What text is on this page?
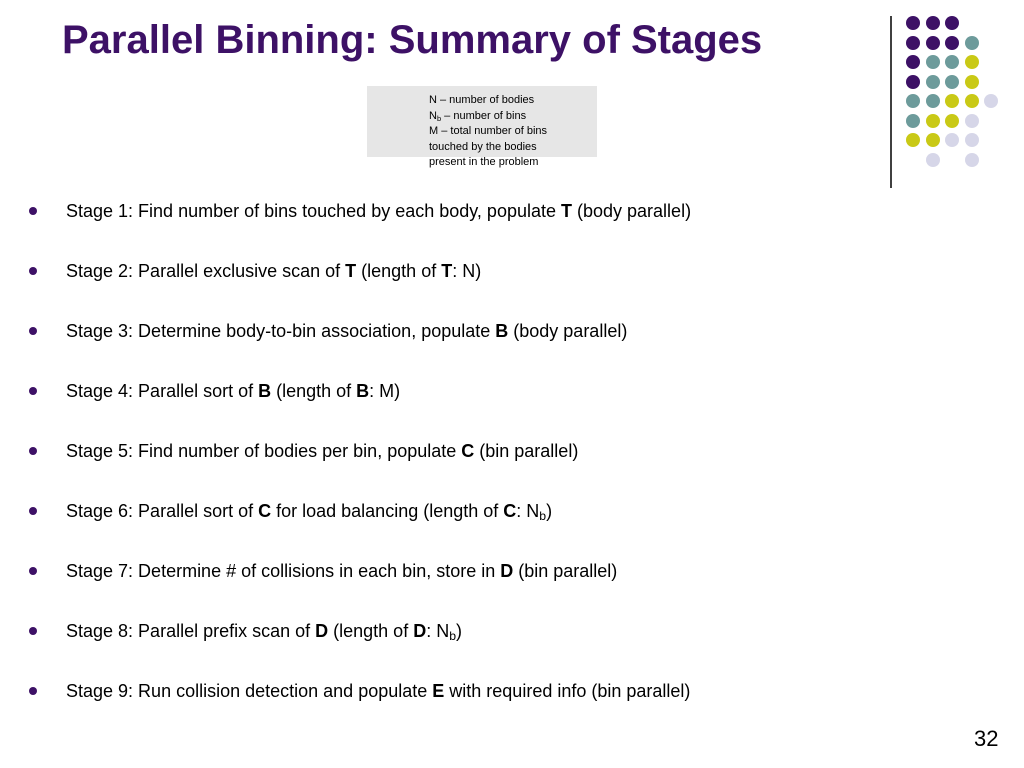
Parallel Binning: Summary of Stages
N – number of bodies
$N_b$ – number of bins
M – total number of bins
touched by the bodies
present in the problem
Stage 1: Find number of bins touched by each body, populate T (body parallel)
Stage 2: Parallel exclusive scan of T (length of T: N)
Stage 3: Determine body-to-bin association, populate B (body parallel)
Stage 4: Parallel sort of B (length of B: M)
Stage 5: Find number of bodies per bin, populate C (bin parallel)
Stage 6: Parallel sort of C for load balancing (length of C: $N_b$)
Stage 7: Determine # of collisions in each bin, store in D (bin parallel)
Stage 8: Parallel prefix scan of D (length of D: $N_b$)
Stage 9: Run collision detection and populate E with required info (bin parallel)
32
